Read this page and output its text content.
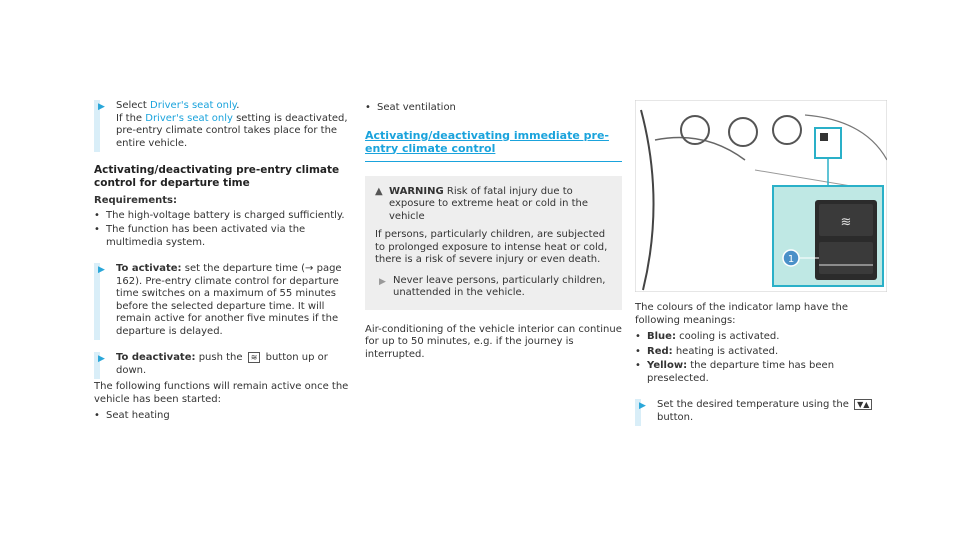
▶ Select Driver's seat only.
If the Driver's seat only setting is deactivated, pre-entry climate control takes place for the entire vehicle.
Activating/deactivating pre-entry climate control for departure time
Requirements:
• The high-voltage battery is charged sufficiently.
• The function has been activated via the multimedia system.
▶ To activate: set the departure time (→ page 162). Pre-entry climate control for departure time switches on a maximum of 55 minutes before the selected departure time. It will remain active for another five minutes if the departure is delayed.
▶ To deactivate: push the ≋ button up or down.
The following functions will remain active once the vehicle has been started:
• Seat heating
• Seat ventilation
Activating/deactivating immediate pre-entry climate control
▲ WARNING Risk of fatal injury due to exposure to extreme heat or cold in the vehicle
If persons, particularly children, are subjected to prolonged exposure to intense heat or cold, there is a risk of severe injury or even death.
▶ Never leave persons, particularly children, unattended in the vehicle.
Air-conditioning of the vehicle interior can continue for up to 50 minutes, e.g. if the journey is interrupted.
≋
1
The colours of the indicator lamp have the following meanings:
• Blue: cooling is activated.
• Red: heating is activated.
• Yellow: the departure time has been preselected.
▶ Set the desired temperature using the ▼▲ button.
